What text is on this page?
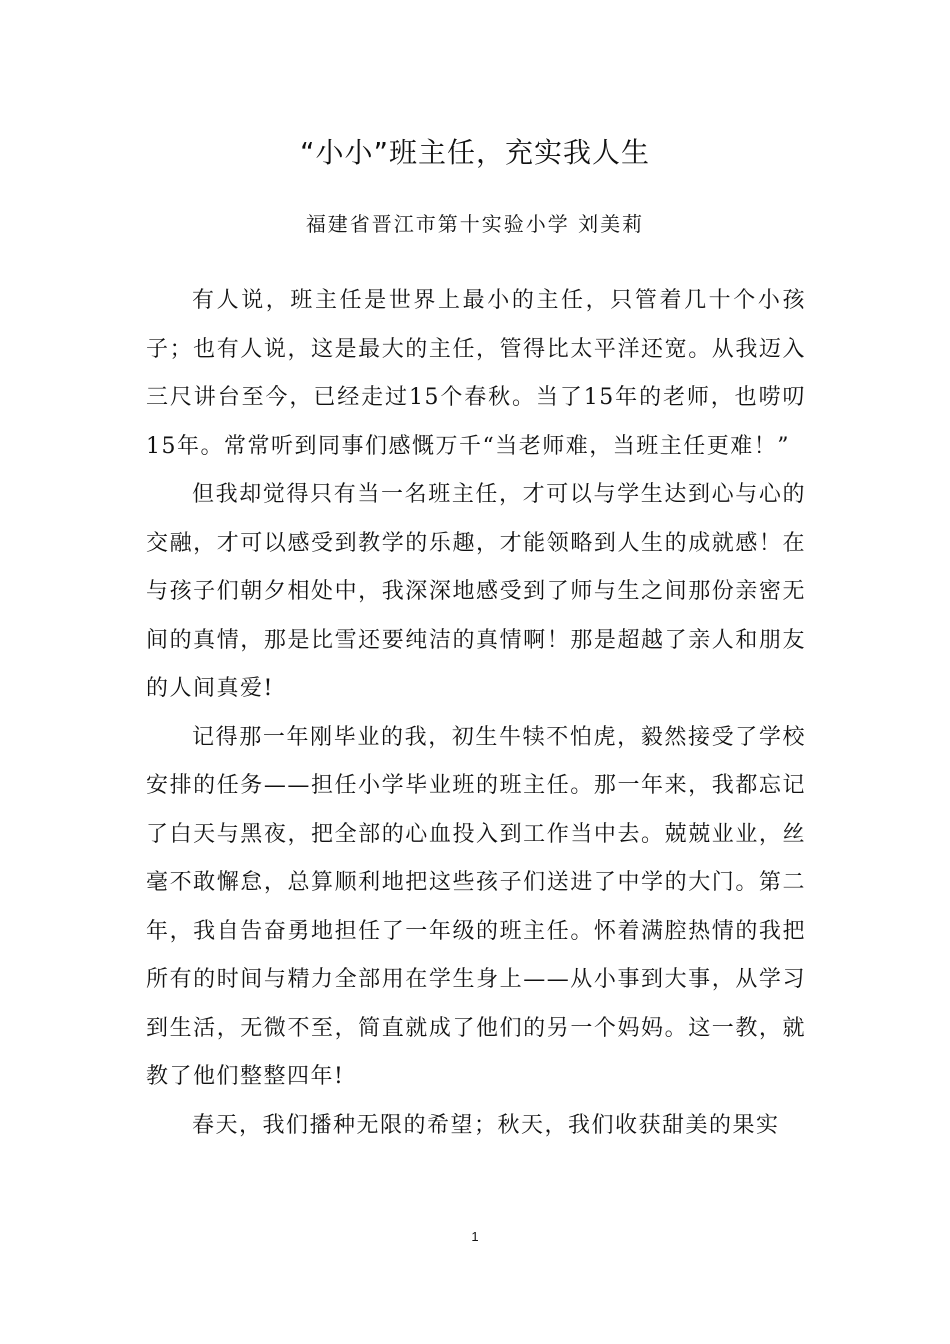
“小小”班主任，充实我人生

福建省晋江市第十实验小学 刘美莉

有人说，班主任是世界上最小的主任，只管着几十个小孩子；也有人说，这是最大的主任，管得比太平洋还宽。从我迈入三尺讲台至今，已经走过15个春秋。当了15年的老师，也唠叨15年。常常听到同事们感慨万千“当老师难，当班主任更难！”

但我却觉得只有当一名班主任，才可以与学生达到心与心的交融，才可以感受到教学的乐趣，才能领略到人生的成就感！在与孩子们朝夕相处中，我深深地感受到了师与生之间那份亲密无间的真情，那是比雪还要纯洁的真情啊！那是超越了亲人和朋友的人间真爱!

记得那一年刚毕业的我，初生牛犊不怕虎，毅然接受了学校安排的任务——担任小学毕业班的班主任。那一年来，我都忘记了白天与黑夜，把全部的心血投入到工作当中去。兢兢业业，丝毫不敢懈怠，总算顺利地把这些孩子们送进了中学的大门。第二年，我自告奋勇地担任了一年级的班主任。怀着满腔热情的我把所有的时间与精力全部用在学生身上——从小事到大事，从学习到生活，无微不至，简直就成了他们的另一个妈妈。这一教，就教了他们整整四年!

春天，我们播种无限的希望；秋天，我们收获甜美的果实

1
